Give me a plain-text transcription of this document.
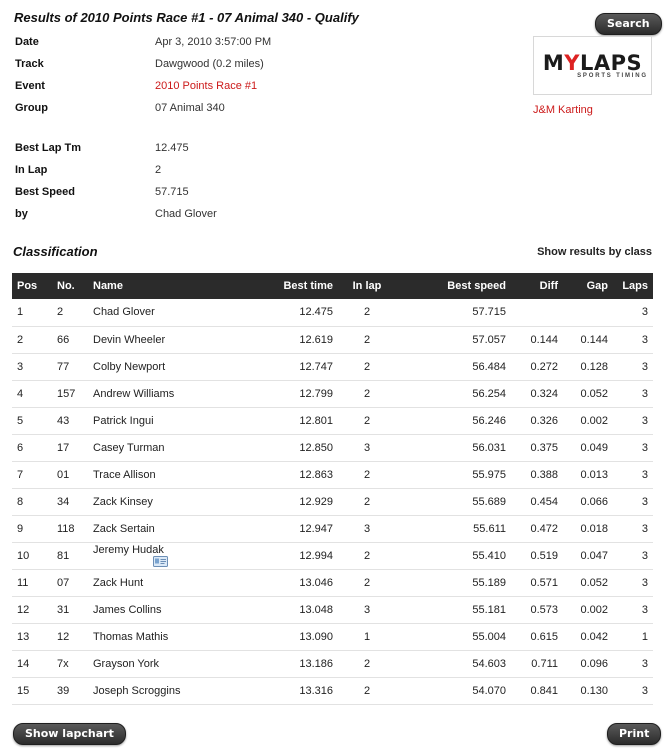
Results of 2010 Points Race #1 - 07 Animal 340 - Qualify	Search
Date	Apr 3, 2010 3:57:00 PM
Track	Dawgwood (0.2 miles)
Event	2010 Points Race #1
Group	07 Animal 340
Best Lap Tm	12.475
In Lap	2
Best Speed	57.715
by	Chad Glover
MYLAPS
SPORTS TIMING
J&M Karting
Classification	Show results by class
Pos	No.	Name	Best time	In lap	Best speed	Diff	Gap	Laps
1	2	Chad Glover	12.475	2	57.715			3
2	66	Devin Wheeler	12.619	2	57.057	0.144	0.144	3
3	77	Colby Newport	12.747	2	56.484	0.272	0.128	3
4	157	Andrew Williams	12.799	2	56.254	0.324	0.052	3
5	43	Patrick Ingui	12.801	2	56.246	0.326	0.002	3
6	17	Casey Turman	12.850	3	56.031	0.375	0.049	3
7	01	Trace Allison	12.863	2	55.975	0.388	0.013	3
8	34	Zack Kinsey	12.929	2	55.689	0.454	0.066	3
9	118	Zack Sertain	12.947	3	55.611	0.472	0.018	3
10	81	Jeremy Hudak	12.994	2	55.410	0.519	0.047	3
11	07	Zack Hunt	13.046	2	55.189	0.571	0.052	3
12	31	James Collins	13.048	3	55.181	0.573	0.002	3
13	12	Thomas Mathis	13.090	1	55.004	0.615	0.042	1
14	7x	Grayson York	13.186	2	54.603	0.711	0.096	3
15	39	Joseph Scroggins	13.316	2	54.070	0.841	0.130	3
Show lapchart	Print
